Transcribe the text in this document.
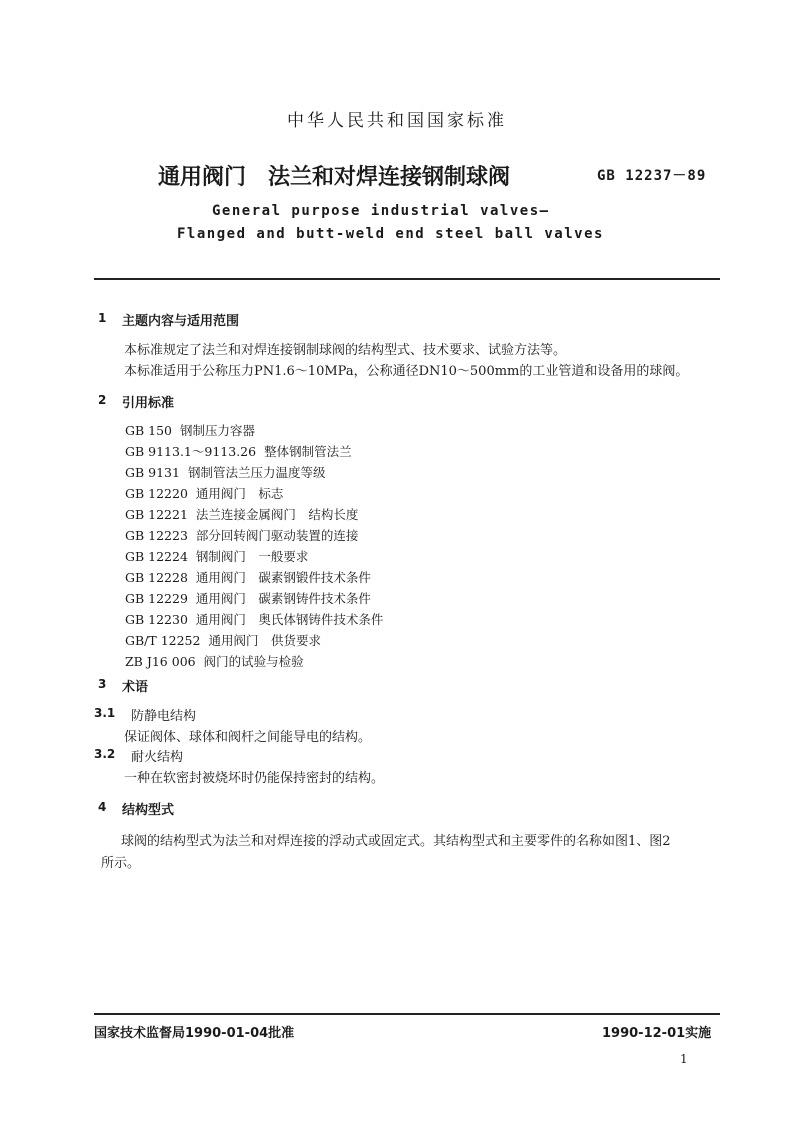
中华人民共和国国家标准
通用阀门　法兰和对焊连接钢制球阀	GB 12237－89
General purpose industrial valves—
Flanged and butt-weld end steel ball valves
1 主题内容与适用范围
本标准规定了法兰和对焊连接钢制球阀的结构型式、技术要求、试验方法等。
本标准适用于公称压力PN1.6～10MPa，公称通径DN10～500mm的工业管道和设备用的球阀。
2 引用标准
GB 150 钢制压力容器
GB 9113.1～9113.26 整体钢制管法兰
GB 9131 钢制管法兰压力温度等级
GB 12220 通用阀门　标志
GB 12221 法兰连接金属阀门　结构长度
GB 12223 部分回转阀门驱动装置的连接
GB 12224 钢制阀门　一般要求
GB 12228 通用阀门　碳素钢锻件技术条件
GB 12229 通用阀门　碳素钢铸件技术条件
GB 12230 通用阀门　奥氏体钢铸件技术条件
GB/T 12252 通用阀门　供货要求
ZB J16 006 阀门的试验与检验
3 术语
3.1 防静电结构
保证阀体、球体和阀杆之间能导电的结构。
3.2 耐火结构
一种在软密封被烧坏时仍能保持密封的结构。
4 结构型式
球阀的结构型式为法兰和对焊连接的浮动式或固定式。其结构型式和主要零件的名称如图1、图2
所示。
国家技术监督局1990-01-04批准	1990-12-01实施
1
